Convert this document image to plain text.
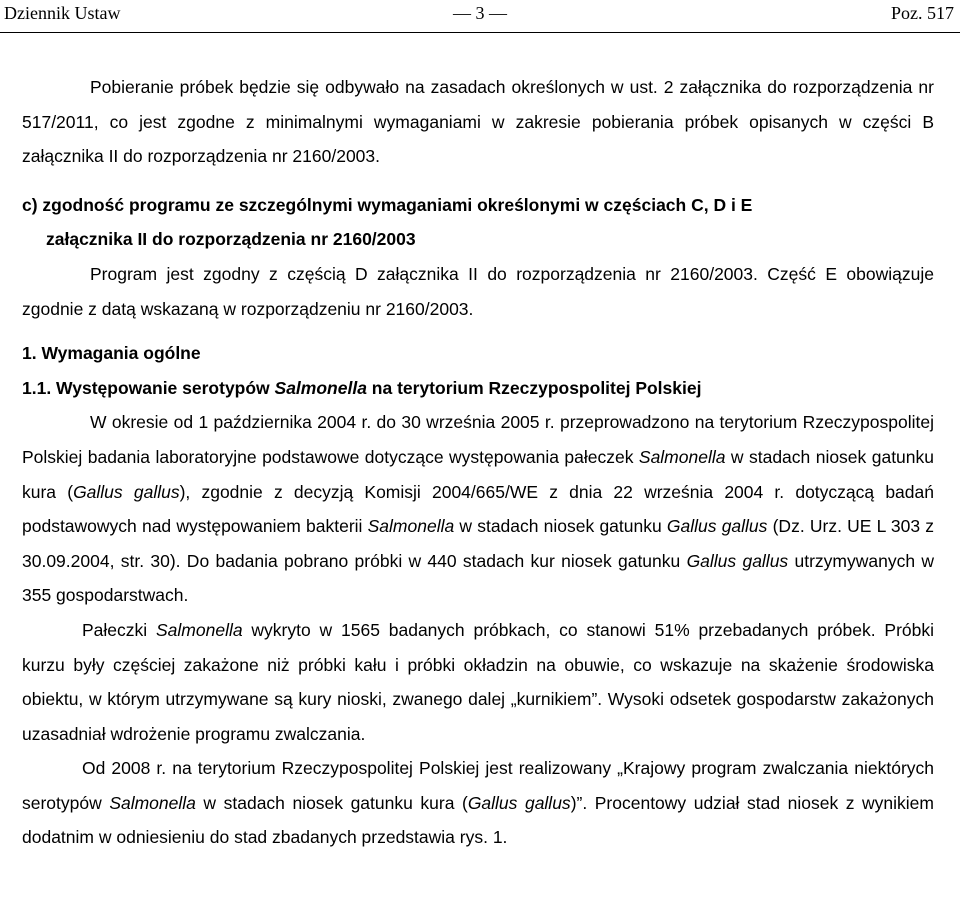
Dziennik Ustaw	— 3 —	Poz. 517

Pobieranie próbek będzie się odbywało na zasadach określonych w ust. 2 załącznika do rozporządzenia nr 517/2011, co jest zgodne z minimalnymi wymaganiami w zakresie pobierania próbek opisanych w części B załącznika II do rozporządzenia nr 2160/2003.

c) zgodność programu ze szczególnymi wymaganiami określonymi w częściach C, D i E
załącznika II do rozporządzenia nr 2160/2003

Program jest zgodny z częścią D załącznika II do rozporządzenia nr 2160/2003. Część E obowiązuje zgodnie z datą wskazaną w rozporządzeniu nr 2160/2003.

1. Wymagania ogólne

1.1. Występowanie serotypów Salmonella na terytorium Rzeczypospolitej Polskiej

W okresie od 1 października 2004 r. do 30 września 2005 r. przeprowadzono na terytorium Rzeczypospolitej Polskiej badania laboratoryjne podstawowe dotyczące występowania pałeczek Salmonella w stadach niosek gatunku kura (Gallus gallus), zgodnie z decyzją Komisji 2004/665/WE z dnia 22 września 2004 r. dotyczącą badań podstawowych nad występowaniem bakterii Salmonella w stadach niosek gatunku Gallus gallus (Dz. Urz. UE L 303 z 30.09.2004, str. 30). Do badania pobrano próbki w 440 stadach kur niosek gatunku Gallus gallus utrzymywanych w 355 gospodarstwach.

Pałeczki Salmonella wykryto w 1565 badanych próbkach, co stanowi 51% przebadanych próbek. Próbki kurzu były częściej zakażone niż próbki kału i próbki okładzin na obuwie, co wskazuje na skażenie środowiska obiektu, w którym utrzymywane są kury nioski, zwanego dalej „kurnikiem”. Wysoki odsetek gospodarstw zakażonych uzasadniał wdrożenie programu zwalczania.

Od 2008 r. na terytorium Rzeczypospolitej Polskiej jest realizowany „Krajowy program zwalczania niektórych serotypów Salmonella w stadach niosek gatunku kura (Gallus gallus)”. Procentowy udział stad niosek z wynikiem dodatnim w odniesieniu do stad zbadanych przedstawia rys. 1.
